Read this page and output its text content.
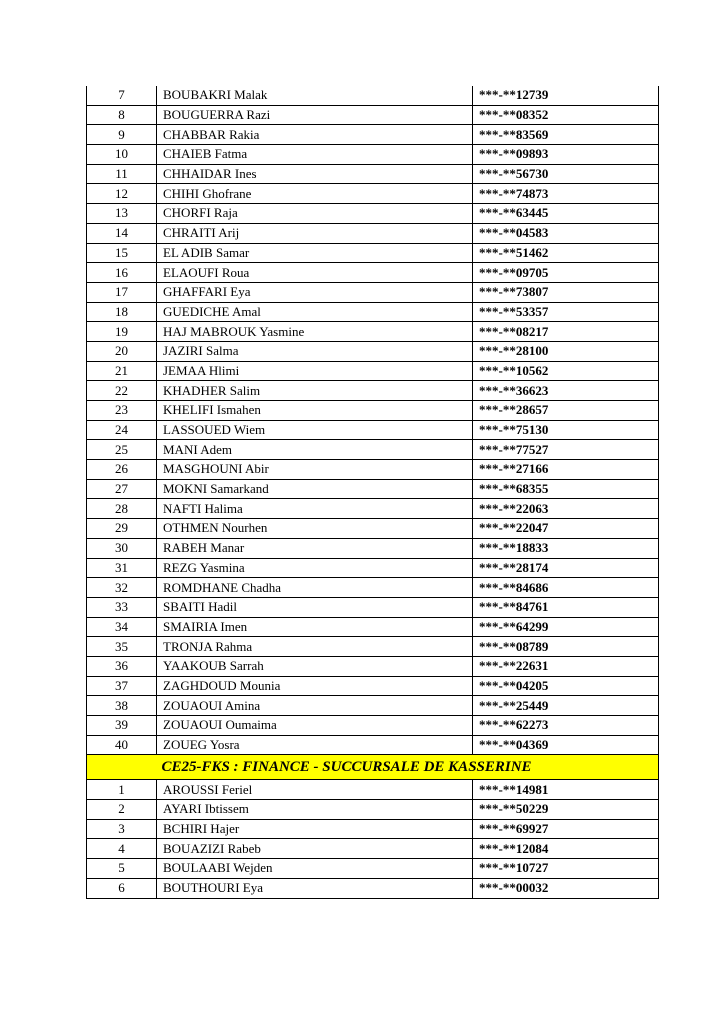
7	BOUBAKRI Malak	***-**12739
8	BOUGUERRA Razi	***-**08352
9	CHABBAR Rakia	***-**83569
10	CHAIEB Fatma	***-**09893
11	CHHAIDAR Ines	***-**56730
12	CHIHI Ghofrane	***-**74873
13	CHORFI Raja	***-**63445
14	CHRAITI Arij	***-**04583
15	EL ADIB Samar	***-**51462
16	ELAOUFI Roua	***-**09705
17	GHAFFARI Eya	***-**73807
18	GUEDICHE Amal	***-**53357
19	HAJ MABROUK Yasmine	***-**08217
20	JAZIRI Salma	***-**28100
21	JEMAA Hlimi	***-**10562
22	KHADHER Salim	***-**36623
23	KHELIFI Ismahen	***-**28657
24	LASSOUED Wiem	***-**75130
25	MANI Adem	***-**77527
26	MASGHOUNI Abir	***-**27166
27	MOKNI Samarkand	***-**68355
28	NAFTI Halima	***-**22063
29	OTHMEN Nourhen	***-**22047
30	RABEH Manar	***-**18833
31	REZG Yasmina	***-**28174
32	ROMDHANE Chadha	***-**84686
33	SBAITI Hadil	***-**84761
34	SMAIRIA Imen	***-**64299
35	TRONJA Rahma	***-**08789
36	YAAKOUB Sarrah	***-**22631
37	ZAGHDOUD Mounia	***-**04205
38	ZOUAOUI Amina	***-**25449
39	ZOUAOUI Oumaima	***-**62273
40	ZOUEG Yosra	***-**04369
CE25-FKS : FINANCE - SUCCURSALE DE KASSERINE		
1	AROUSSI Feriel	***-**14981
2	AYARI Ibtissem	***-**50229
3	BCHIRI Hajer	***-**69927
4	BOUAZIZI Rabeb	***-**12084
5	BOULAABI Wejden	***-**10727
6	BOUTHOURI Eya	***-**00032
